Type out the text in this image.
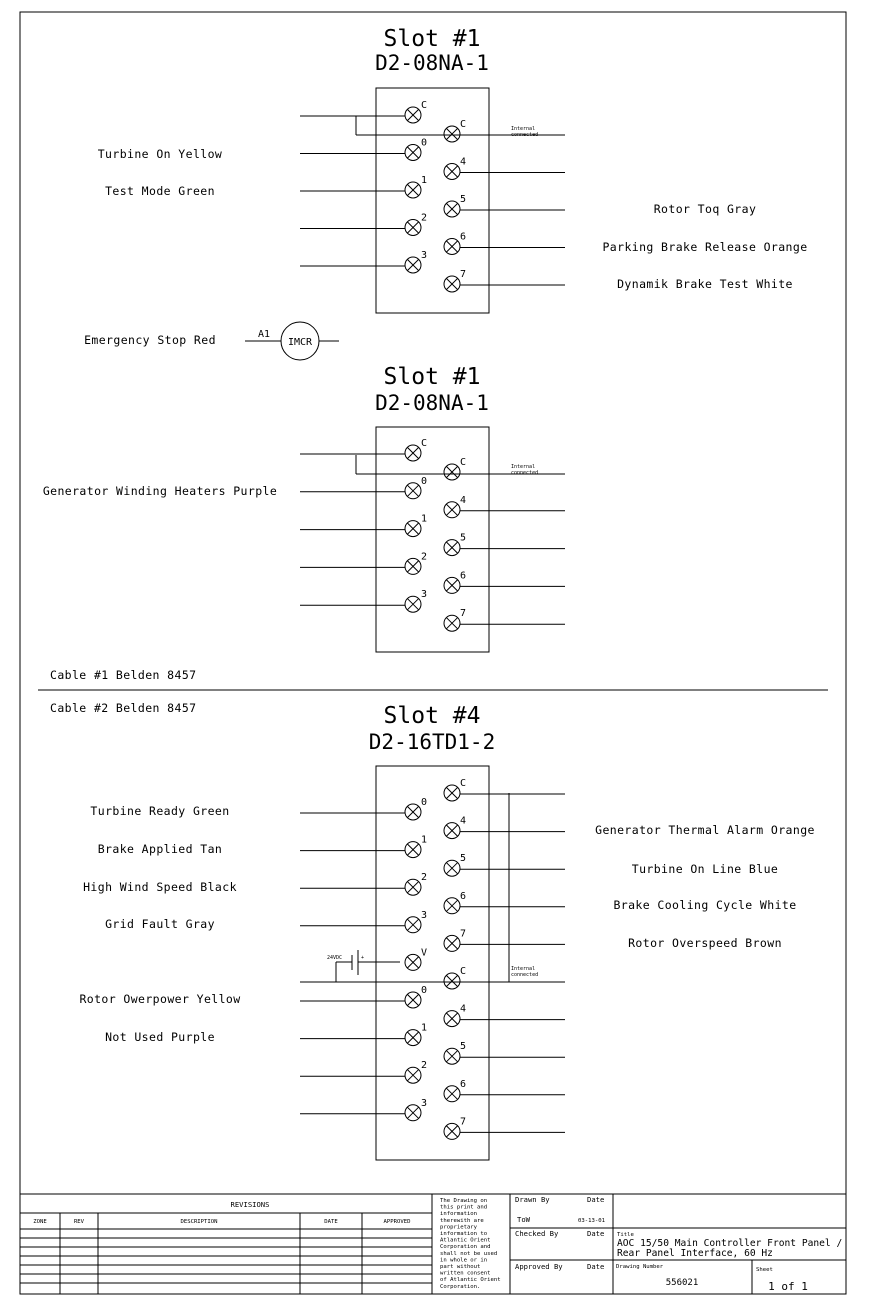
Slot #1
D2-08NA-1
C
0
1
2
3
C
4
5
6
7
Internal
connected
Turbine On Yellow
Test Mode Green
Rotor Toq Gray
Parking Brake Release Orange
Dynamik Brake Test White
Emergency Stop Red	A1
IMCR
Slot #1
D2-08NA-1
C
0
1
2
3
C
4
5
6
7
Internal
connected
Generator Winding Heaters Purple
Cable #1 Belden 8457
Cable #2 Belden 8457	Slot #4
D2-16TD1-2
0
1
2
3
V
0
1
2
3
C
4
5
6
7
C
4
5
6
7
Internal
connected
24VDC	+
Turbine Ready Green
Brake Applied Tan
High Wind Speed Black
Grid Fault Gray
Rotor Owerpower Yellow
Not Used Purple
Generator Thermal Alarm Orange
Turbine On Line Blue
Brake Cooling Cycle White
Rotor Overspeed Brown
REVISIONS
ZONE	REV	DESCRIPTION	DATE	APPROVED
The Drawing on
this print and
information
therewith are
proprietary
information to
Atlantic Orient
Corporation and
shall not be used
in whole or in
part without
written consent
of Atlantic Orient
Corporation.
Drawn By	Date
ToW	03-13-01
Checked By	Date
Approved By	Date
Title
AOC 15/50 Main Controller Front Panel /
Rear Panel Interface, 60 Hz
Drawing Number
556021
Sheet
1 of 1
